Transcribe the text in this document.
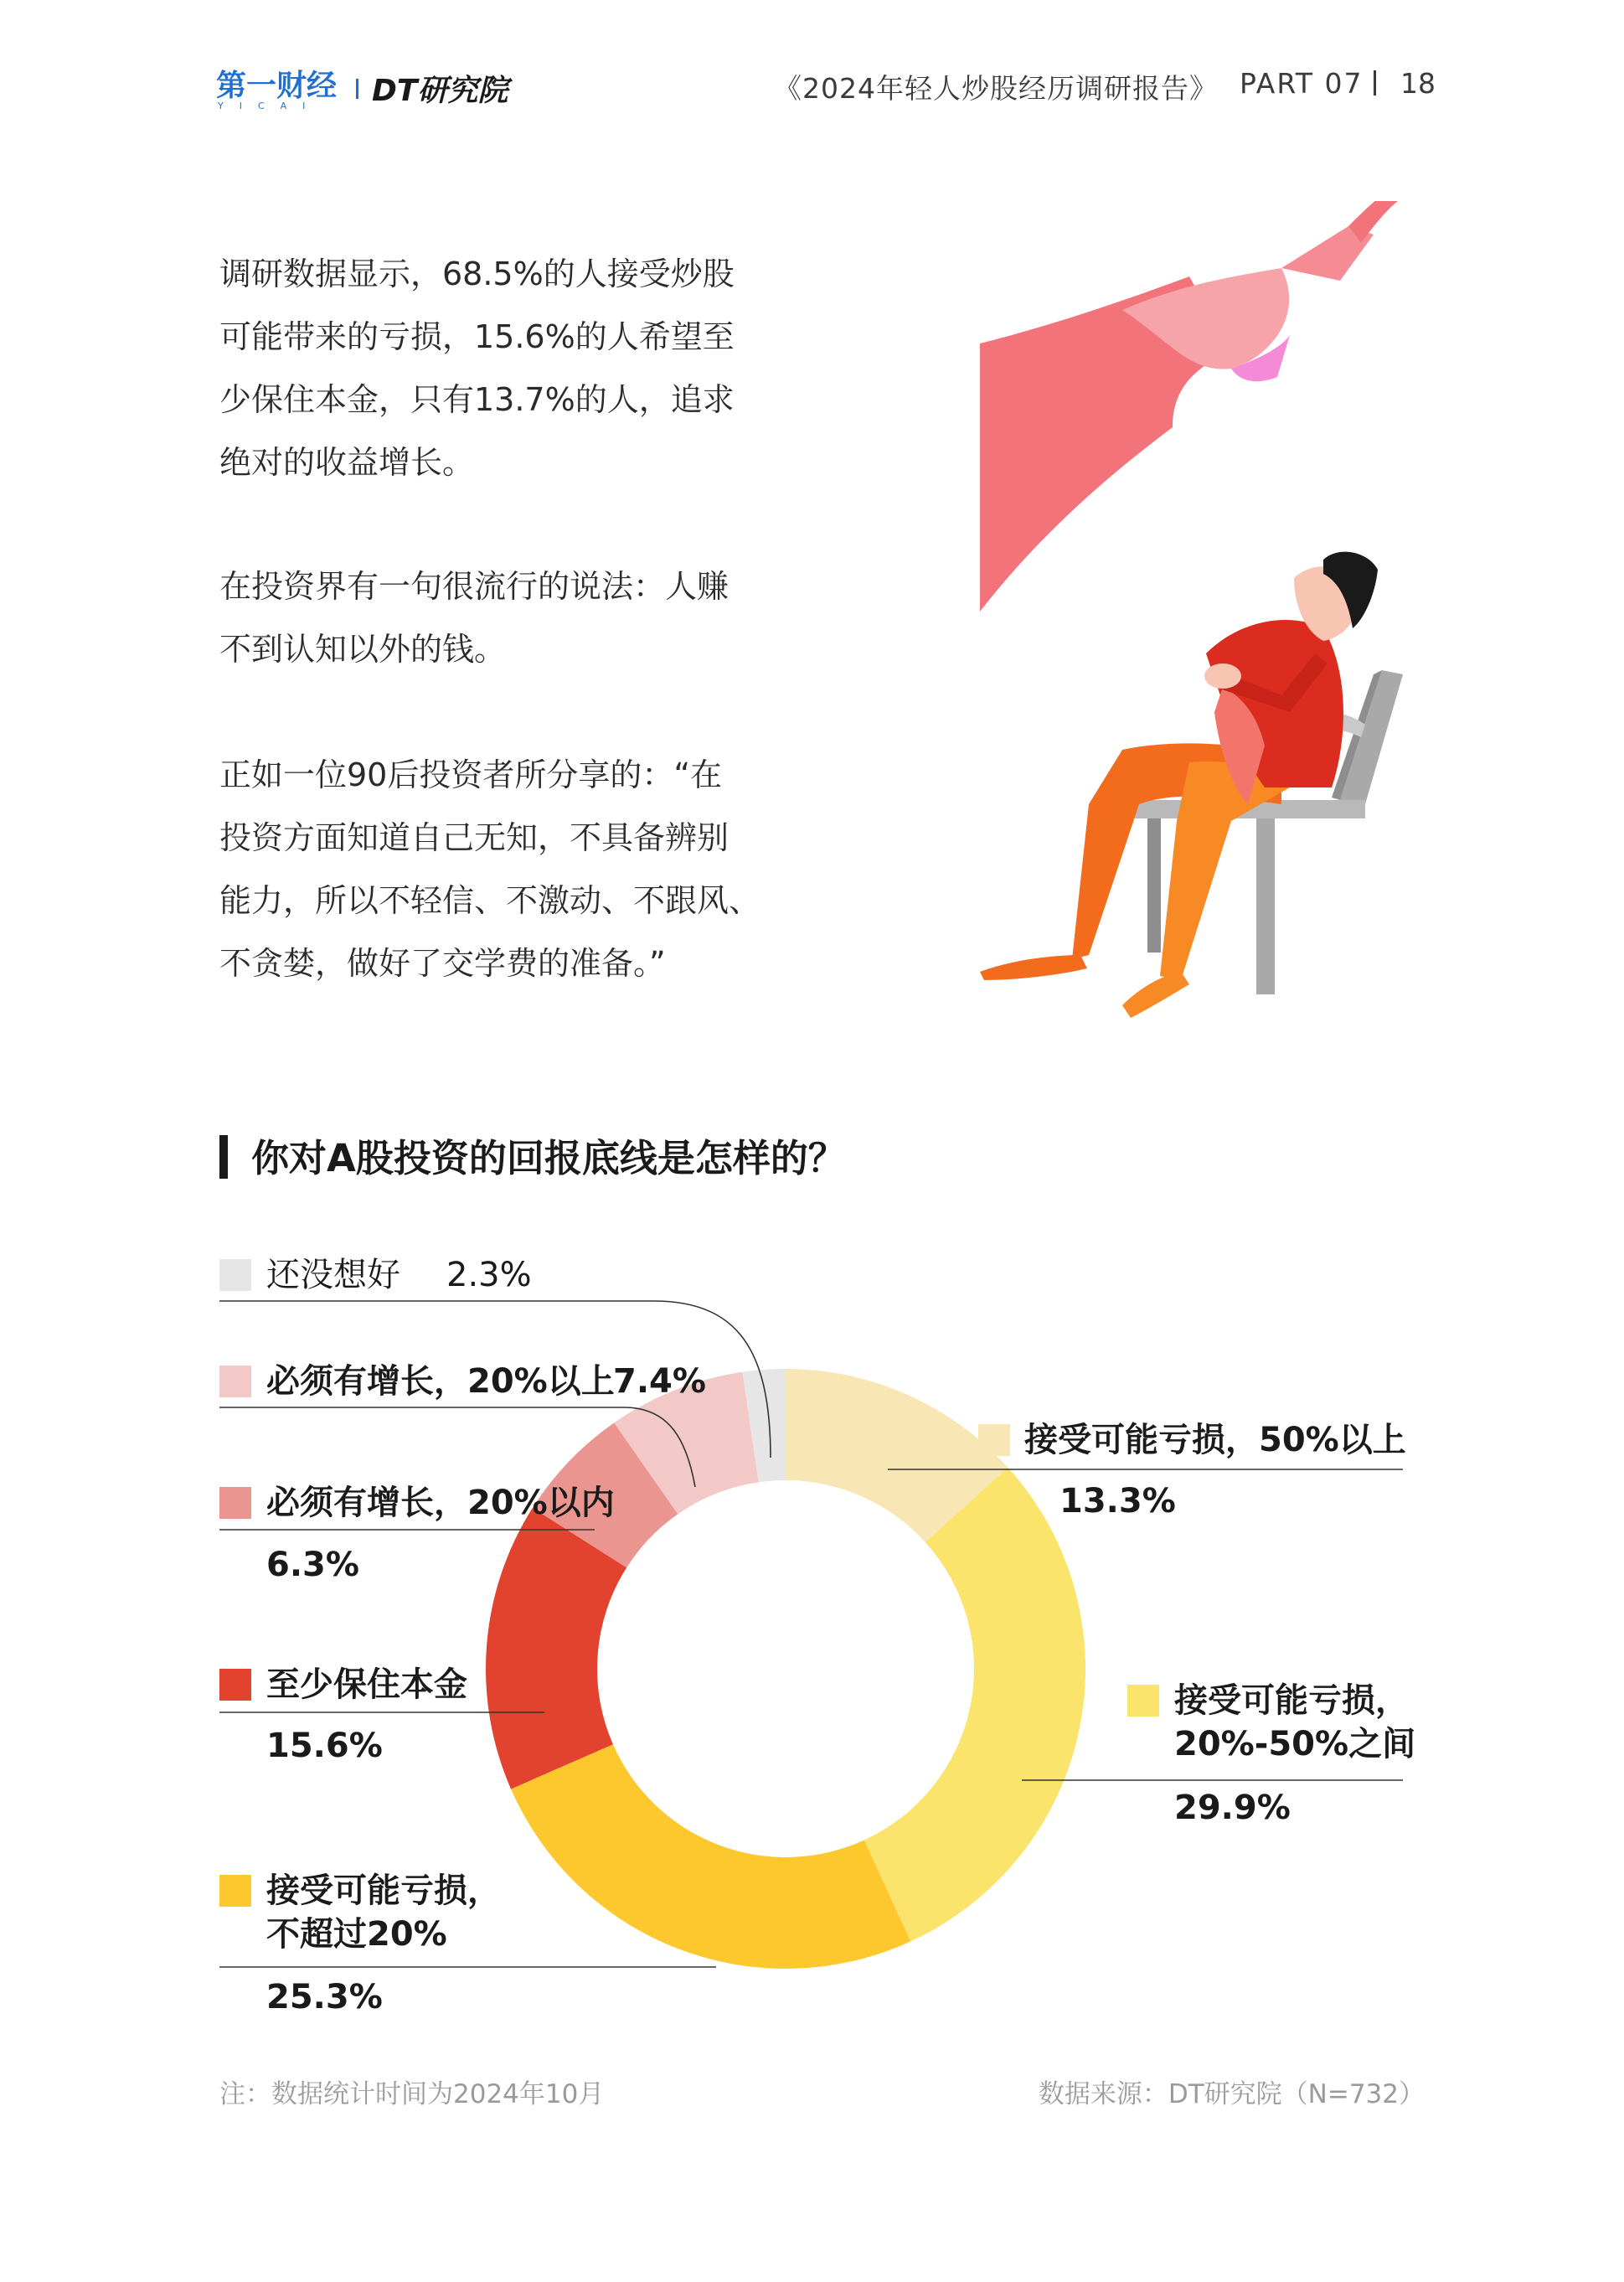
第一财经
YICAI DT研究院	《2024年轻人炒股经历调研报告》 PART 07 18
调研数据显示，68.5%的人接受炒股
可能带来的亏损，15.6%的人希望至
少保住本金，只有13.7%的人，追求
绝对的收益增长。
在投资界有一句很流行的说法：人赚
不到认知以外的钱。
正如一位90后投资者所分享的：“在
投资方面知道自己无知，不具备辨别
能力，所以不轻信、不激动、不跟风、
不贪婪，做好了交学费的准备。”
你对A股投资的回报底线是怎样的？
还没想好 2.3%
必须有增长，20%以上
7.4%
必须有增长，20%以内
6.3%
至少保住本金
15.6%
接受可能亏损，
不超过20%
25.3%
接受可能亏损，50%以上
13.3%
接受可能亏损，
20%-50%之间
29.9%
注：数据统计时间为2024年10月	数据来源：DT研究院（N=732）
